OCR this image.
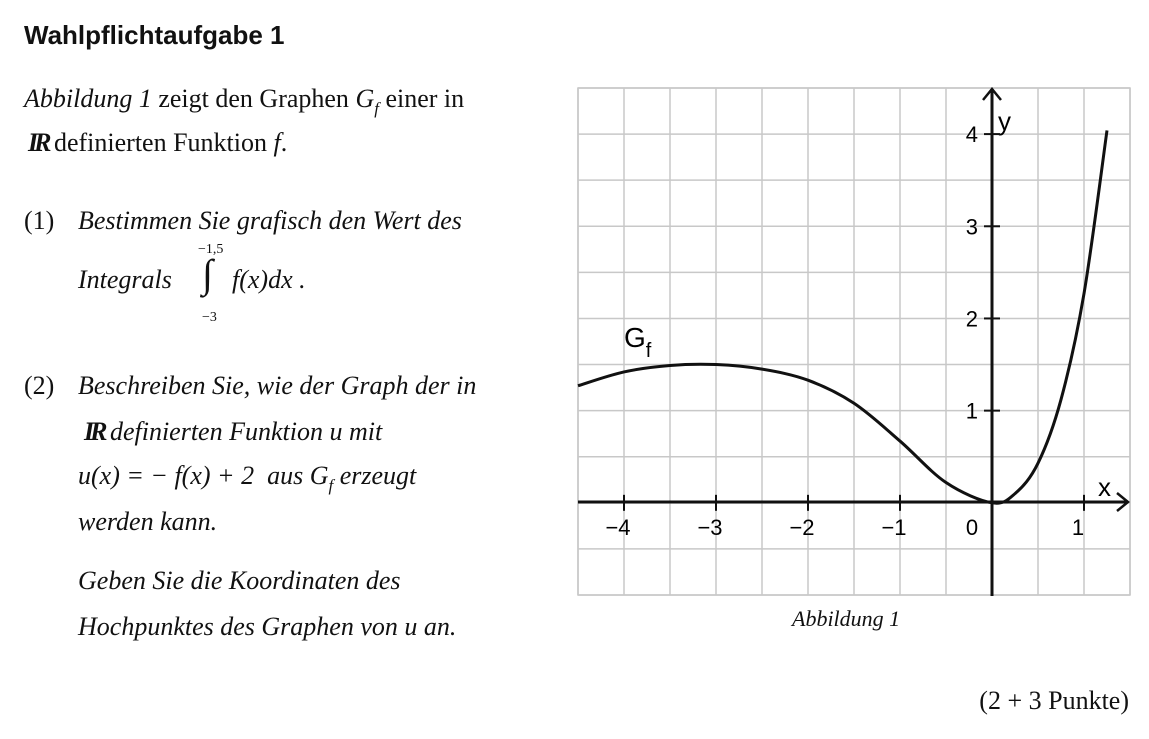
Wahlpflichtaufgabe 1
Abbildung 1 zeigt den Graphen $G_f$ einer in
IR definierten Funktion f.
(1) Bestimmen Sie grafisch den Wert des
Integrals
−1,5
∫
−3
f(x)dx .
(2) Beschreiben Sie, wie der Graph der in
IR definierten Funktion u mit
u(x) = − f(x) + 2 aus $G_f$ erzeugt
werden kann.
Geben Sie die Koordinaten des
Hochpunktes des Graphen von u an.
x
y
−4	−3	−2	−1	0	1
1
2
3
4
$G_f$
Abbildung 1
(2 + 3 Punkte)
